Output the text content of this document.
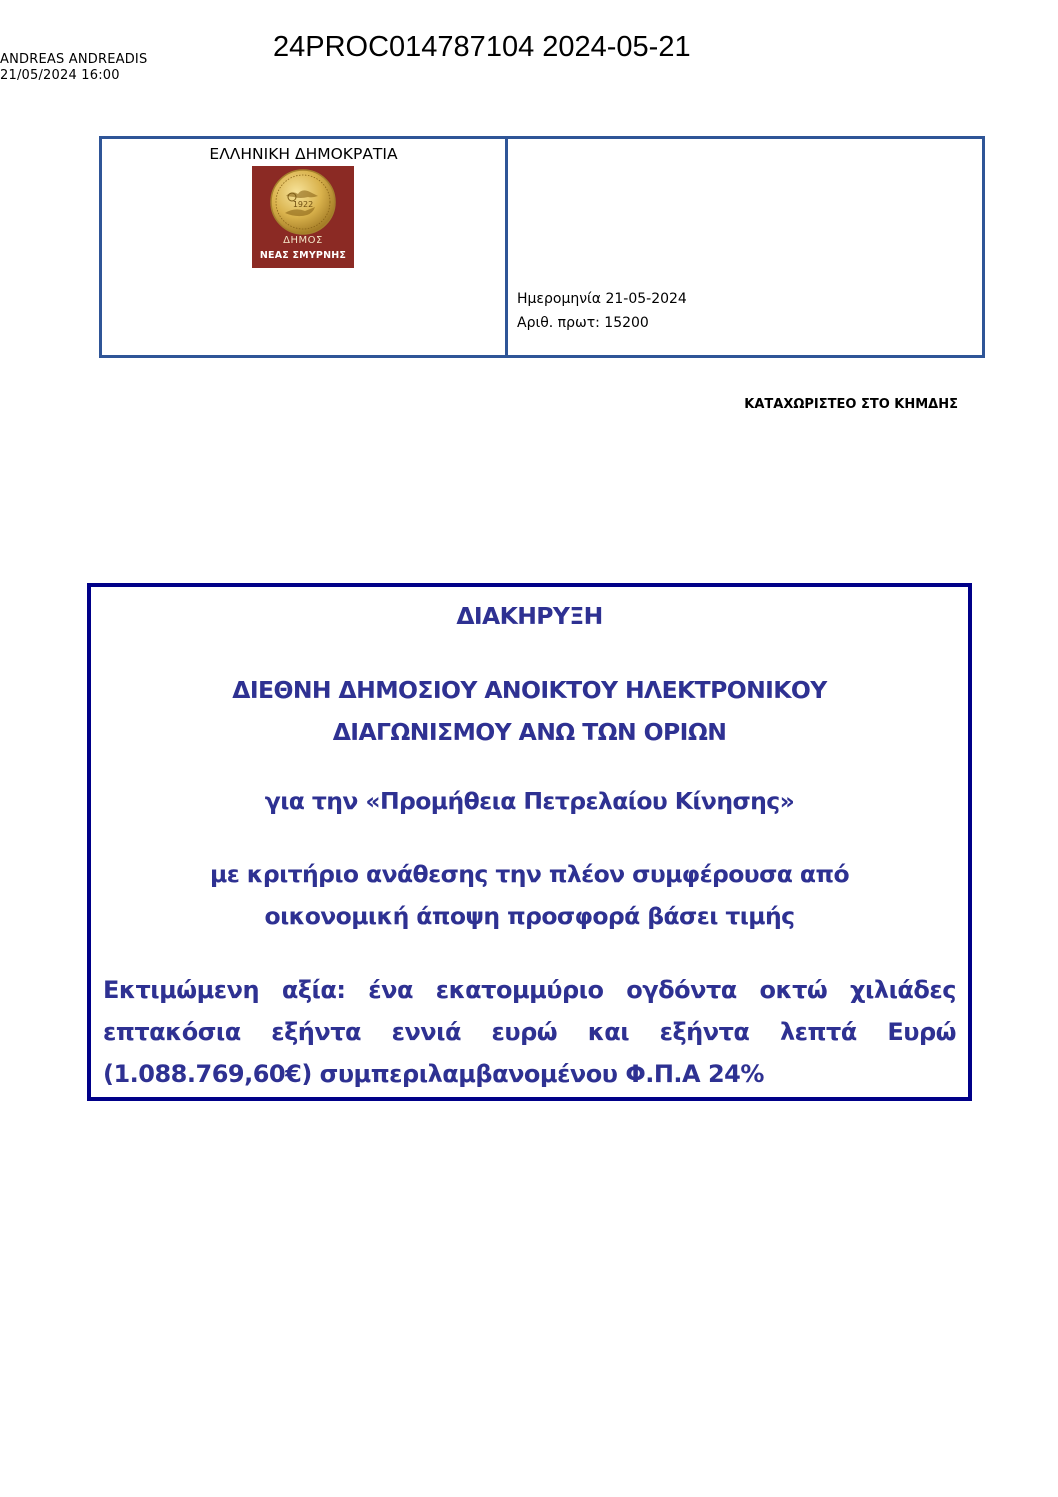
ANDREAS ANDREADIS
21/05/2024 16:00
24PROC014787104 2024-05-21
ΕΛΛΗΝΙΚΗ ΔΗΜΟΚΡΑΤΙΑ
1922
ΔΗΜΟΣ
ΝΕΑΣ ΣΜΥΡΝΗΣ
Ημερομηνία 21-05-2024
Αριθ. πρωτ: 15200
ΚΑΤΑΧΩΡΙΣΤΕΟ ΣΤΟ ΚΗΜΔΗΣ
ΔΙΑΚΗΡΥΞΗ
ΔΙΕΘΝΗ ΔΗΜΟΣΙΟΥ ΑΝΟΙΚΤΟΥ ΗΛΕΚΤΡΟΝΙΚΟΥ
ΔΙΑΓΩΝΙΣΜΟΥ ΑΝΩ ΤΩΝ ΟΡΙΩΝ
για την «Προμήθεια Πετρελαίου Κίνησης»
με κριτήριο ανάθεσης την πλέον συμφέρουσα από
οικονομική άποψη προσφορά βάσει τιμής
Εκτιμώμενη αξία: ένα εκατομμύριο ογδόντα οκτώ χιλιάδες επτακόσια εξήντα εννιά ευρώ και εξήντα λεπτά Ευρώ (1.088.769,60€) συμπεριλαμβανομένου Φ.Π.Α 24%
